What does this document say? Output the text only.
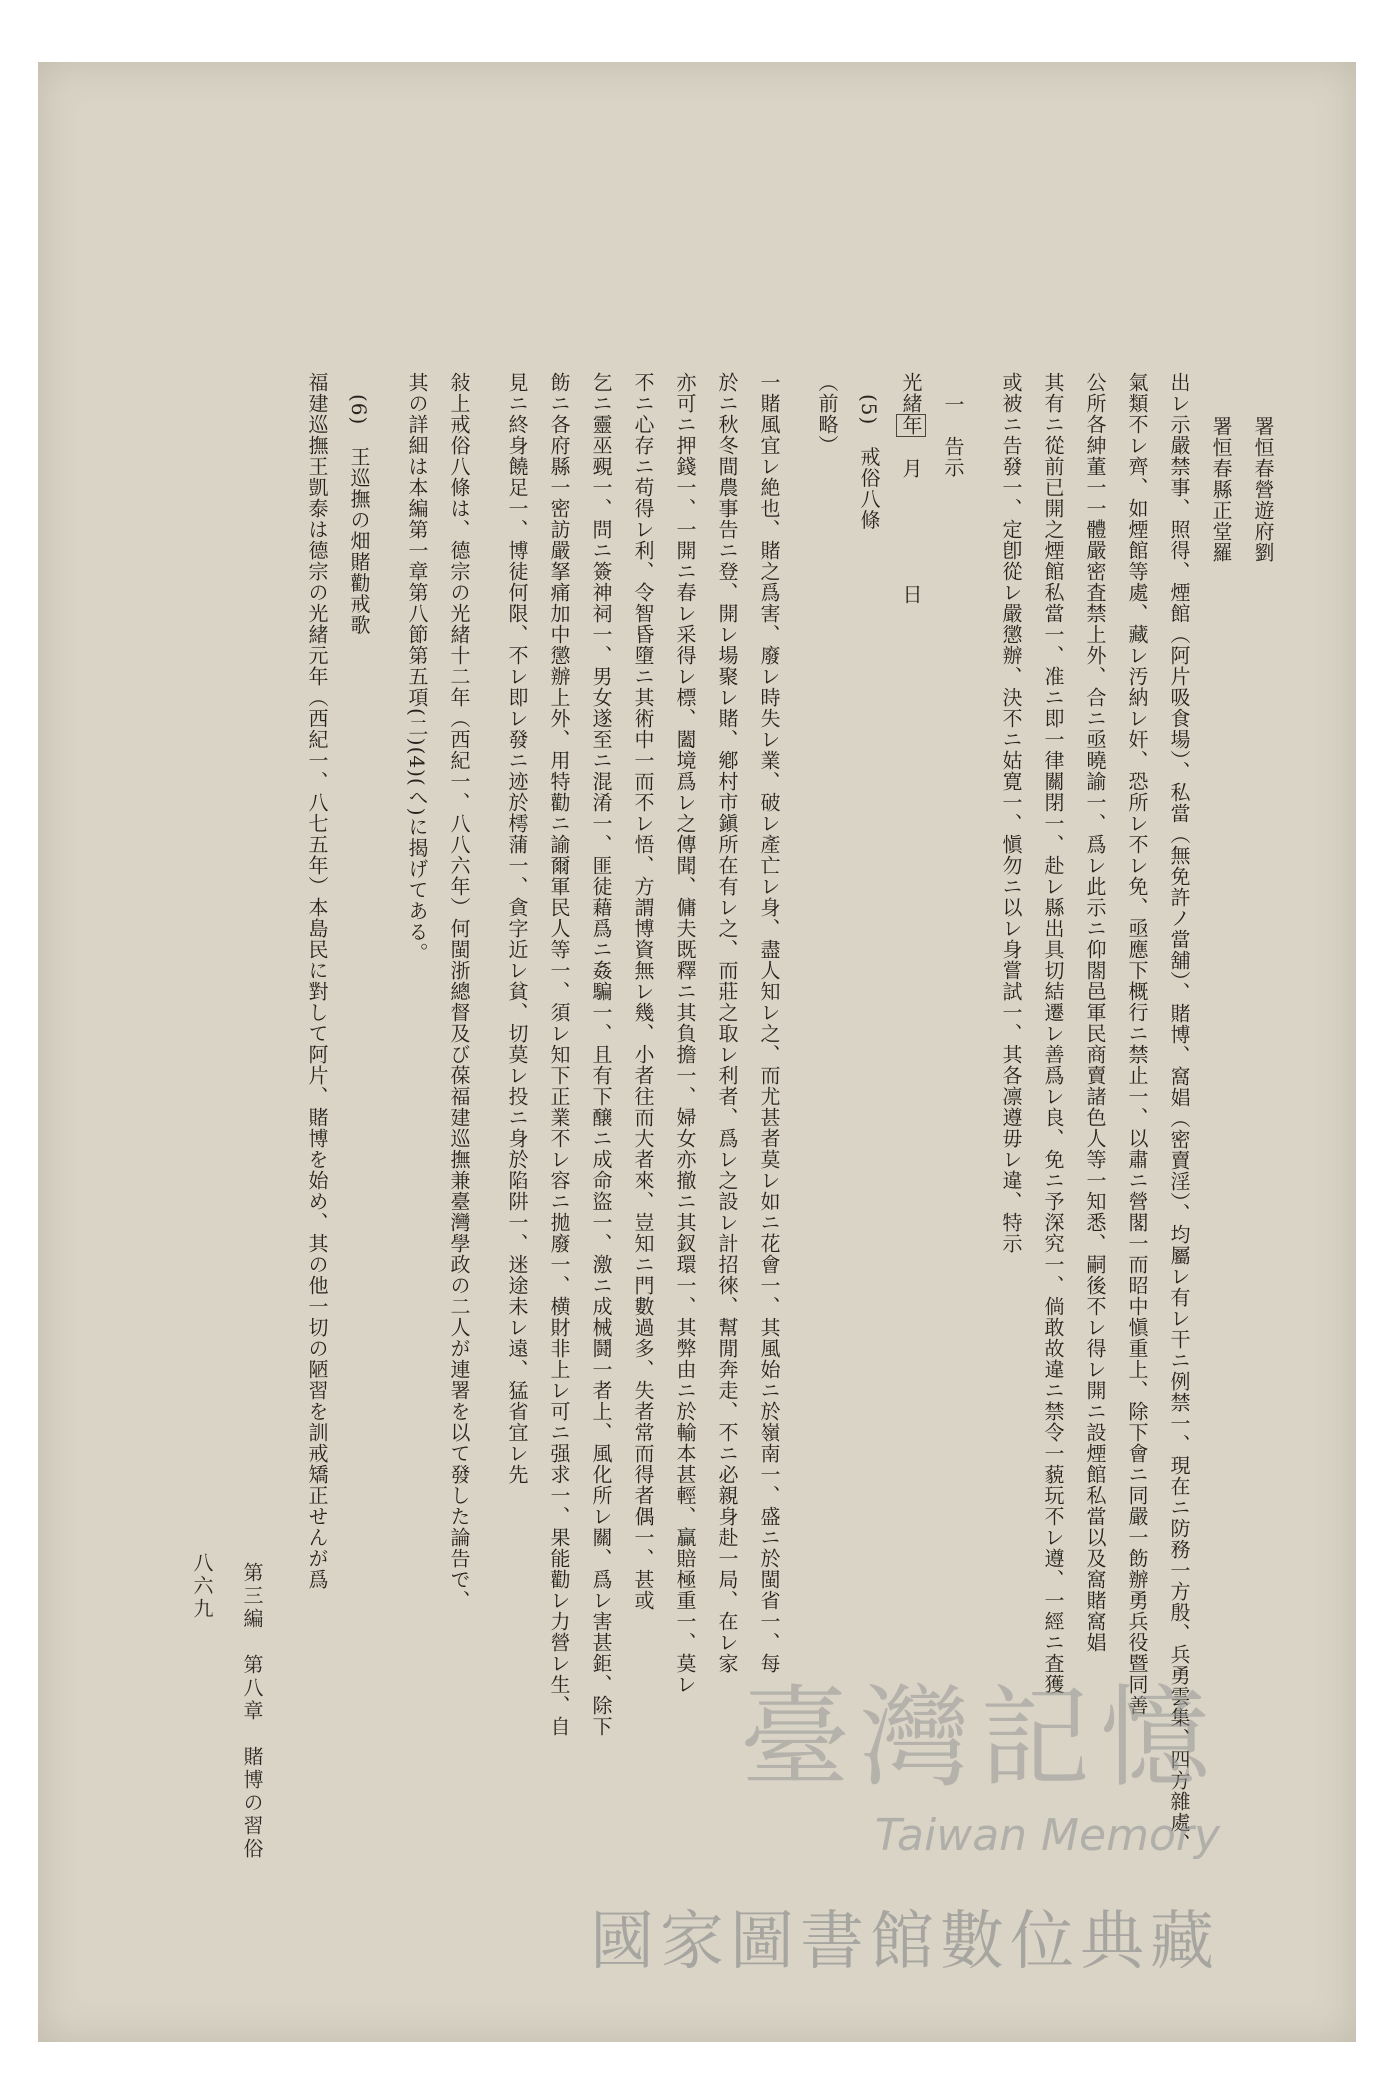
署恒春營遊府劉
署恒春縣正堂羅
出レ示嚴禁事、照得、煙館（阿片吸食場）、私當（無免許ノ當舖）、賭博、窩娼（密賣淫）、均屬レ有レ干ニ例禁一、現在ニ防務一方殷、兵勇雲集、四方雜處、
氣類不レ齊、如煙館等處、藏レ汚納レ奸、恐所レ不レ免、亟應下概行ニ禁止一、以肅ニ營閣一而昭中愼重上、除下會ニ同嚴一飭辦勇兵役暨同善
公所各紳董一一體嚴密査禁上外、合ニ亟曉諭一、爲レ此示ニ仰閤邑軍民商賣諸色人等一知悉、嗣後不レ得レ開ニ設煙館私當以及窩賭窩娼
其有ニ從前已開之煙館私當一、准ニ即一律關閉一、赴レ縣出具切結遷レ善爲レ良、免ニ予深究一、倘敢故違ニ禁令一藐玩不レ遵、一經ニ査獲
或被ニ告發一、定卽從レ嚴懲辦、決不ニ姑寛一、愼勿ニ以レ身嘗試一、其各凛遵毋レ違、特示
一　告示
光緒年　月　　　　　日
(5)　戒俗八條
（前略）
一賭風宜レ絶也、賭之爲害、廢レ時失レ業、破レ產亡レ身、盡人知レ之、而尤甚者莫レ如ニ花會一、其風始ニ於嶺南一、盛ニ於閩省一、每
於ニ秋冬間農事告ニ登、開レ場聚レ賭、鄕村市鎭所在有レ之、而莊之取レ利者、爲レ之設レ計招徠、幫閒奔走、不ニ必親身赴一局、在レ家
亦可ニ押錢一、一開ニ春レ采得レ標、闔境爲レ之傳聞、傭夫既釋ニ其負擔一、婦女亦撤ニ其釵環一、其弊由ニ於輸本甚輕、贏賠極重一、莫レ
不ニ心存ニ苟得レ利、令智昏墮ニ其術中一而不レ悟、方謂博資無レ幾、小者往而大者來、豈知ニ門數過多、失者常而得者偶一、甚或
乞ニ靈巫覡一、問ニ簽神祠一、男女遂至ニ混淆一、匪徒藉爲ニ姦騙一、且有下醸ニ成命盜一、激ニ成械鬪一者上、風化所レ關、爲レ害甚鉅、除下
飭ニ各府縣一密訪嚴拏痛加中懲辦上外、用特勸ニ諭爾軍民人等一、須レ知下正業不レ容ニ拋廢一、横財非上レ可ニ强求一、果能勸レ力營レ生、自
見ニ終身饒足一、博徒何限、不レ即レ發ニ迹於樗蒲一、貪字近レ貧、切莫レ投ニ身於陷阱一、迷途未レ遠、猛省宜レ先
敍上戒俗八條は、德宗の光緒十二年（西紀一、八八六年）何閩浙總督及び葆福建巡撫兼臺灣學政の二人が連署を以て發した論告で、
其の詳細は本編第一章第八節第五項(二)(4)(へ)に揭げてある。
(6)　王巡撫の畑賭勸戒歌
福建巡撫王凱泰は德宗の光緒元年（西紀一、八七五年）本島民に對して阿片、賭博を始め、其の他一切の陋習を訓戒矯正せんが爲
第三編　第八章　賭博の習俗
八六九
臺灣記憶
Taiwan Memory
國家圖書館數位典藏
